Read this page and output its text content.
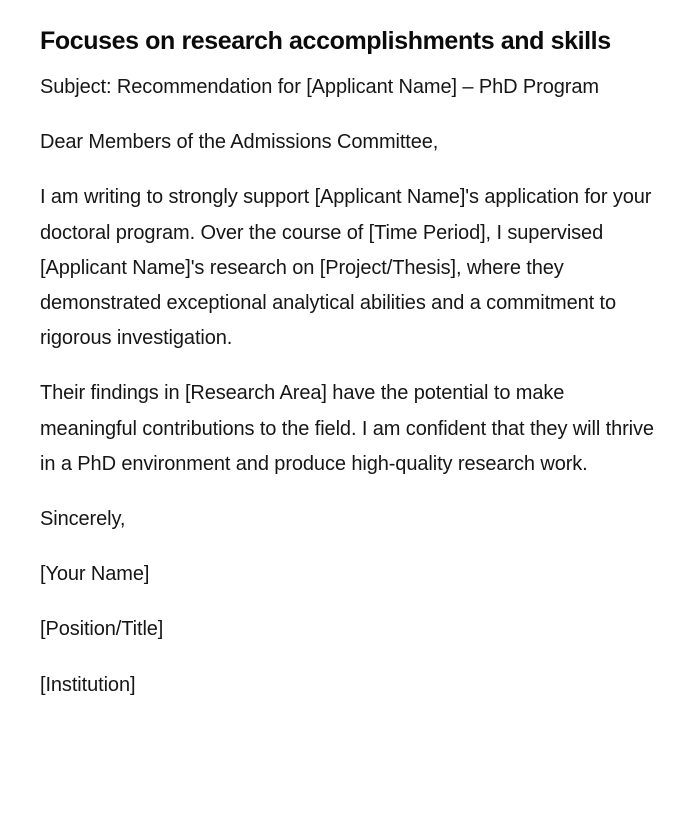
Focuses on research accomplishments and skills

Subject: Recommendation for [Applicant Name] – PhD Program

Dear Members of the Admissions Committee,

I am writing to strongly support [Applicant Name]'s application for your doctoral program. Over the course of [Time Period], I supervised [Applicant Name]'s research on [Project/Thesis], where they demonstrated exceptional analytical abilities and a commitment to rigorous investigation.

Their findings in [Research Area] have the potential to make meaningful contributions to the field. I am confident that they will thrive in a PhD environment and produce high-quality research work.

Sincerely,

[Your Name]

[Position/Title]

[Institution]
